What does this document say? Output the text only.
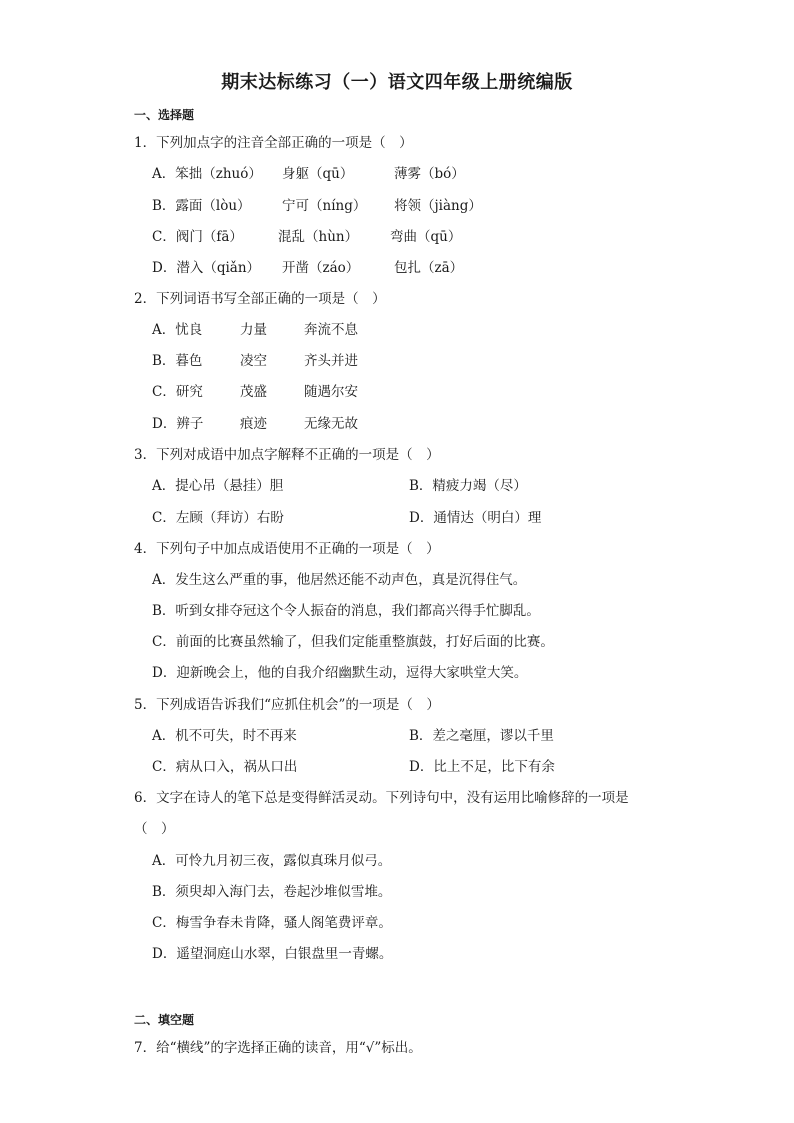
期末达标练习（一）语文四年级上册统编版
一、选择题
1．下列加点字的注音全部正确的一项是（　）
A．笨拙（zhuó） 身躯（qū）	薄雾（bó）
B．露面（lòu） 宁可（níng） 将领（jiàng）
C．阀门（fā）	混乱（hùn） 弯曲（qū）
D．潜入（qiǎn） 开凿（záo）	包扎（zā）
2．下列词语书写全部正确的一项是（　）
A．忧良	力量	奔流不息
B．暮色	凌空	齐头并进
C．研究	茂盛	随遇尔安
D．辨子	痕迹	无缘无故
3．下列对成语中加点字解释不正确的一项是（　）
A．提心吊（悬挂）胆	B．精疲力竭（尽）
C．左顾（拜访）右盼	D．通情达（明白）理
4．下列句子中加点成语使用不正确的一项是（　）
A．发生这么严重的事，他居然还能不动声色，真是沉得住气。
B．听到女排夺冠这个令人振奋的消息，我们都高兴得手忙脚乱。
C．前面的比赛虽然输了，但我们定能重整旗鼓，打好后面的比赛。
D．迎新晚会上，他的自我介绍幽默生动，逗得大家哄堂大笑。
5．下列成语告诉我们“应抓住机会”的一项是（　）
A．机不可失，时不再来	B．差之毫厘，谬以千里
C．病从口入，祸从口出	D．比上不足，比下有余
6．文字在诗人的笔下总是变得鲜活灵动。下列诗句中，没有运用比喻修辞的一项是
（　）
A．可怜九月初三夜，露似真珠月似弓。
B．须臾却入海门去，卷起沙堆似雪堆。
C．梅雪争春未肯降，骚人阁笔费评章。
D．遥望洞庭山水翠，白银盘里一青螺。
二、填空题
7．给“横线”的字选择正确的读音，用“√”标出。
